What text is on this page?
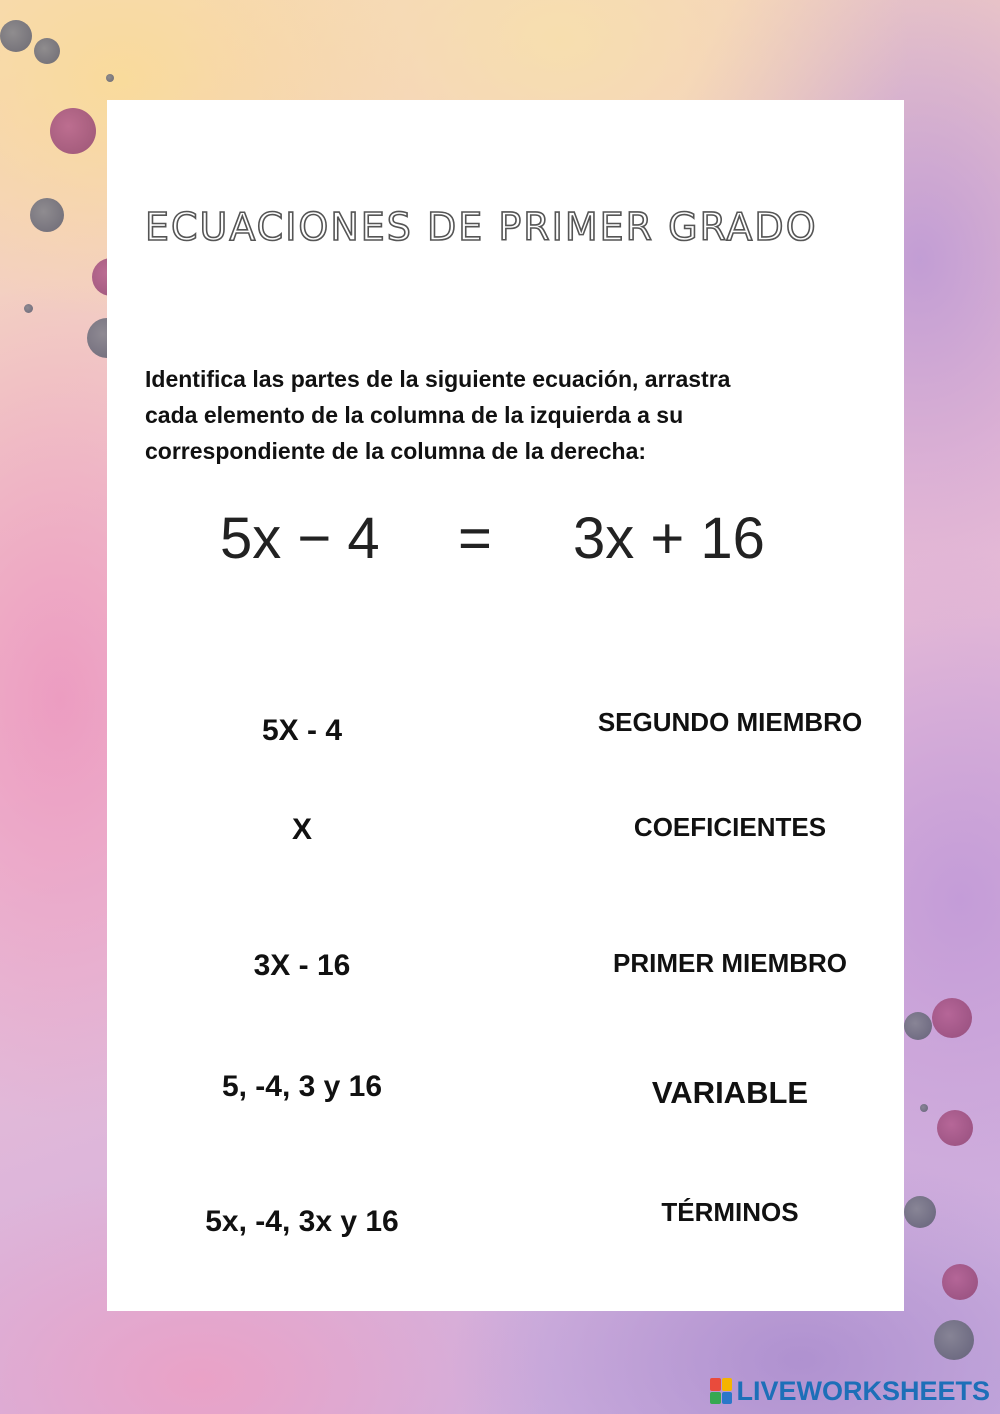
ECUACIONES DE PRIMER GRADO

Identifica las partes de la siguiente ecuación, arrastra cada elemento de la columna de la izquierda a su correspondiente de la columna de la derecha:

5x − 4 = 3x + 16
5X - 4
X
3X - 16
5, -4, 3 y 16
5x, -4, 3x y 16
SEGUNDO MIEMBRO
COEFICIENTES
PRIMER MIEMBRO
VARIABLE
TÉRMINOS
LIVEWORKSHEETS
